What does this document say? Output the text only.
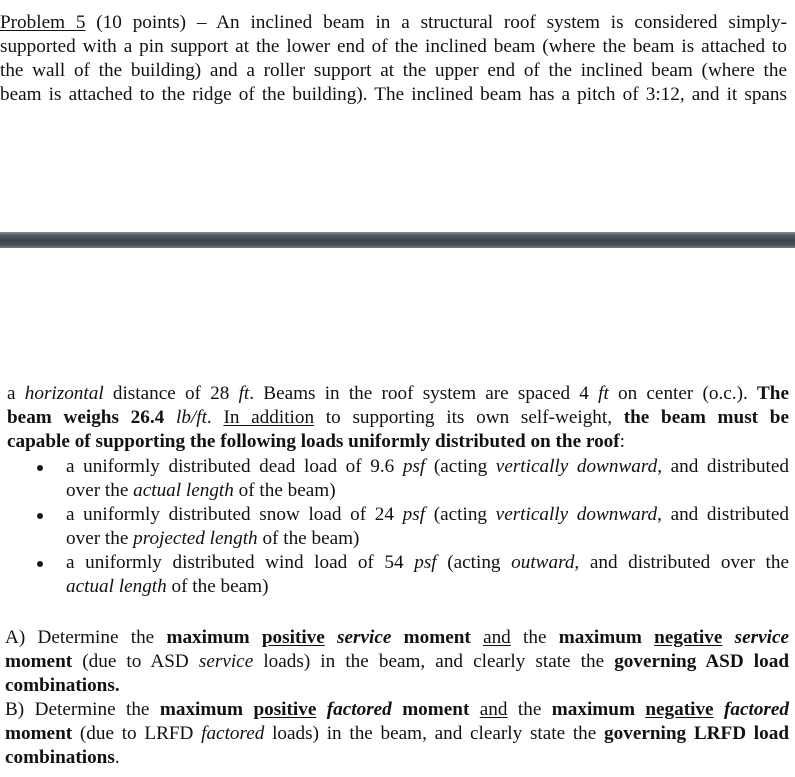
Problem 5 (10 points) – An inclined beam in a structural roof system is considered simply-
supported with a pin support at the lower end of the inclined beam (where the beam is attached to
the wall of the building) and a roller support at the upper end of the inclined beam (where the
beam is attached to the ridge of the building). The inclined beam has a pitch of 3:12, and it spans
a horizontal distance of 28 ft. Beams in the roof system are spaced 4 ft on center (o.c.). The
beam weighs 26.4 lb/ft. In addition to supporting its own self-weight, the beam must be
capable of supporting the following loads uniformly distributed on the roof:
a uniformly distributed dead load of 9.6 psf (acting vertically downward, and distributed
over the actual length of the beam)
a uniformly distributed snow load of 24 psf (acting vertically downward, and distributed
over the projected length of the beam)
a uniformly distributed wind load of 54 psf (acting outward, and distributed over the
actual length of the beam)
A) Determine the maximum positive service moment and the maximum negative service
moment (due to ASD service loads) in the beam, and clearly state the governing ASD load
combinations.
B) Determine the maximum positive factored moment and the maximum negative factored
moment (due to LRFD factored loads) in the beam, and clearly state the governing LRFD load
combinations.
